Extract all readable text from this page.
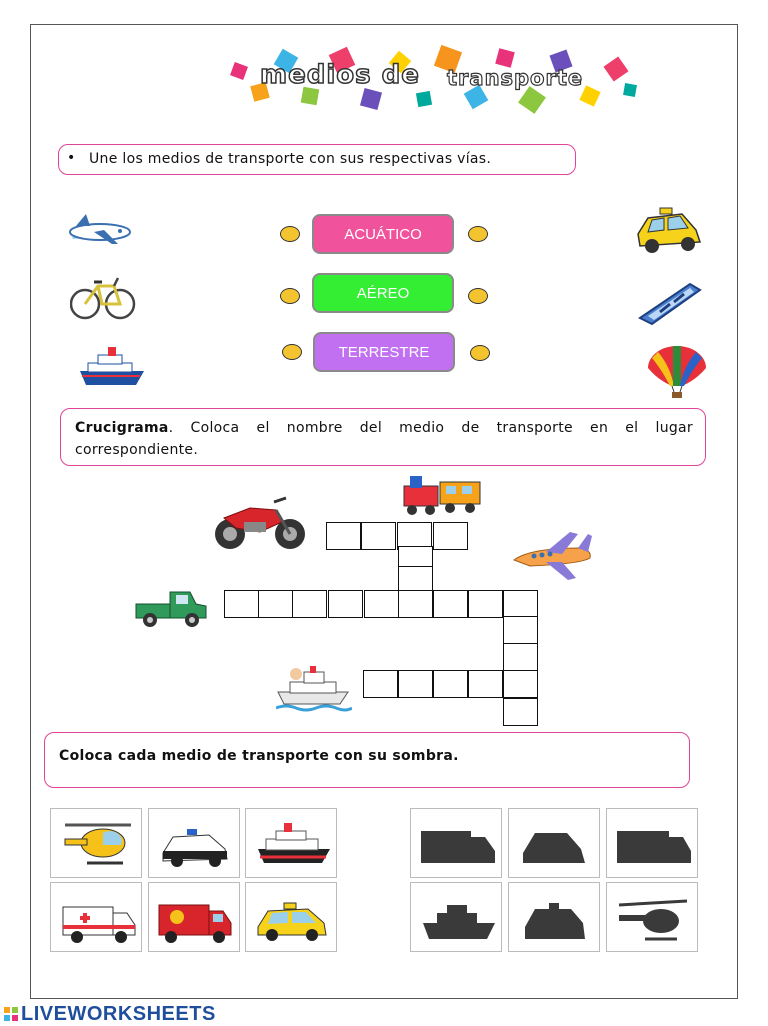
medios de transporte
• Une los medios de transporte con sus respectivas vías.
ACUÁTICO
AÉREO
TERRESTRE
Crucigrama. Coloca el nombre del medio de transporte en el lugar correspondiente.
Coloca cada medio de transporte con su sombra.
LIVEWORKSHEETS
